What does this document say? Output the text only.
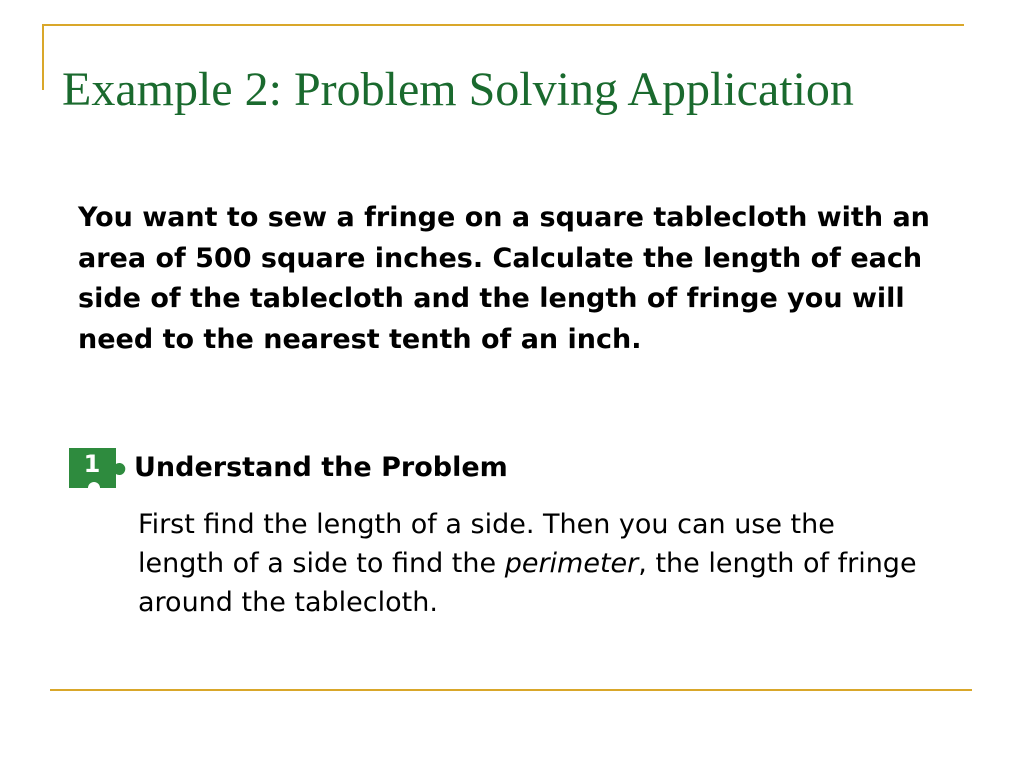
Example 2: Problem Solving Application
You want to sew a fringe on a square tablecloth with an area of 500 square inches. Calculate the length of each side of the tablecloth and the length of fringe you will need to the nearest tenth of an inch.
1 Understand the Problem
First find the length of a side. Then you can use the length of a side to find the perimeter, the length of fringe around the tablecloth.
